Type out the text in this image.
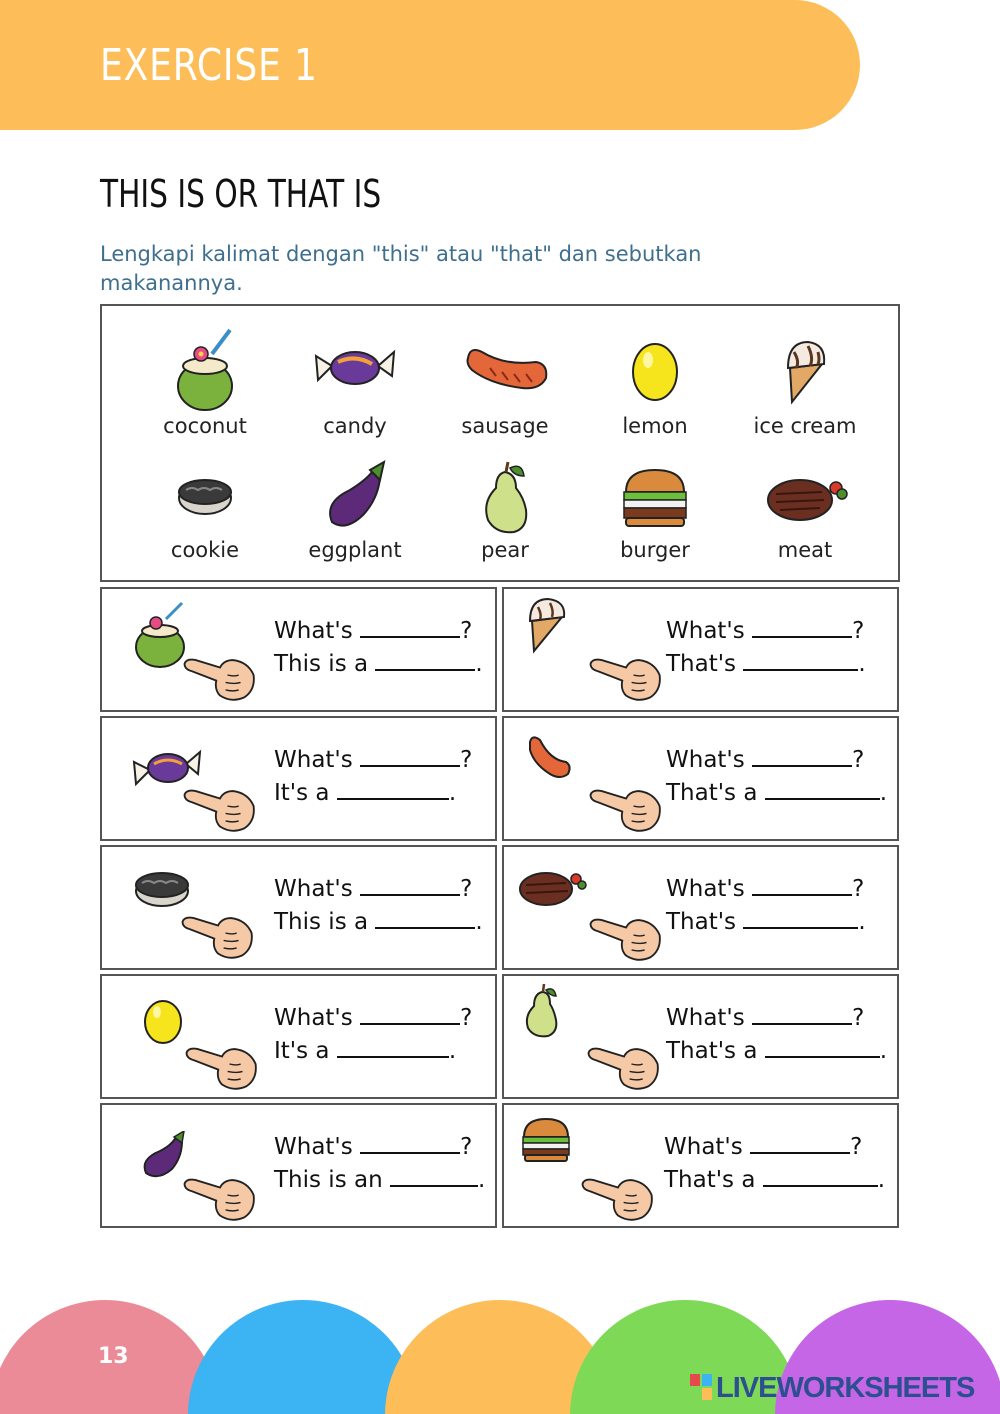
EXERCISE 1
THIS IS OR THAT IS
Lengkapi kalimat dengan "this" atau "that" dan sebutkan makanannya.
coconut	candy	sausage	lemon	ice cream
cookie	eggplant	pear	burger	meat
What's	?
This is a	.
What's	?
That's	.
What's	?
It's a	.
What's	?
That's a	.
What's	?
This is a	.
What's	?
That's	.
What's	?
It's a	.
What's	?
That's a	.
What's	?
This is an	.
What's	?
That's a	.
13
LIVEWORKSHEETS
